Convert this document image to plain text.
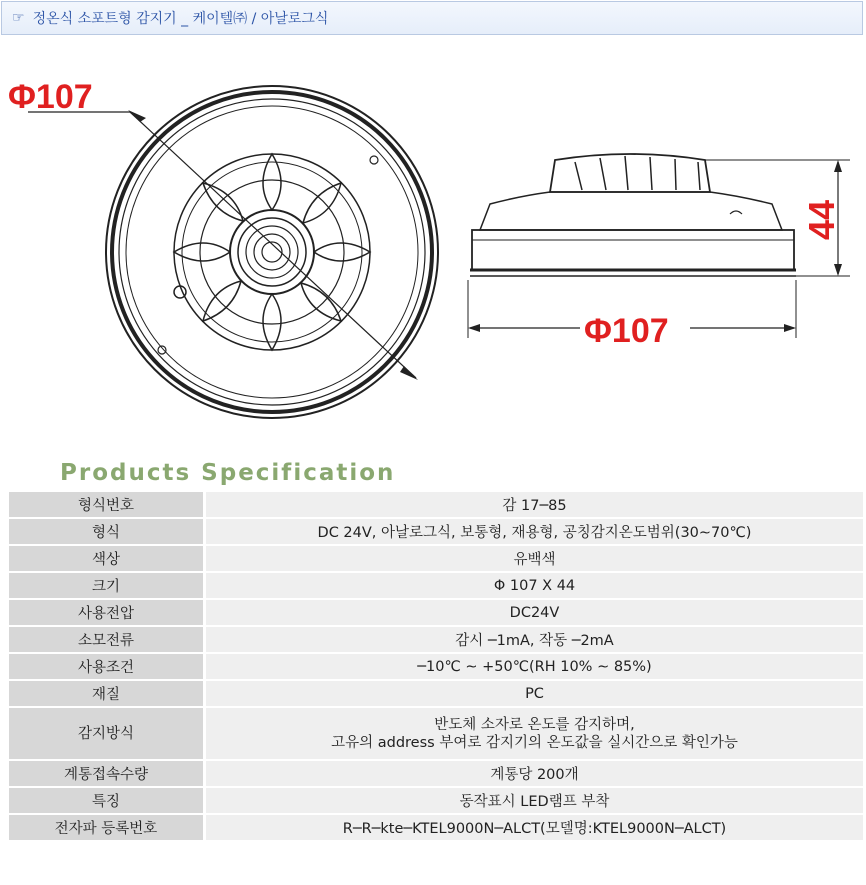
☞ 정온식 소포트형 감지기 _ 케이텔㈜ / 아날로그식
Φ107
44
Φ107
Products Specification
형식번호	감 17─85
형식	DC 24V, 아날로그식, 보통형, 재용형, 공칭감지온도범위(30∼70℃)
색상	유백색
크기	Φ 107 X 44
사용전압	DC24V
소모전류	감시 ─1mA, 작동 ─2mA
사용조건	─10℃ ∼ +50℃(RH 10% ∼ 85%)
재질	PC
감지방식	반도체 소자로 온도를 감지하며,
고유의 address 부여로 감지기의 온도값을 실시간으로 확인가능

계통접속수량	계통당 200개
특징	동작표시 LED램프 부착
전자파 등록번호	R─R─kte─KTEL9000N─ALCT(모델명:KTEL9000N─ALCT)
